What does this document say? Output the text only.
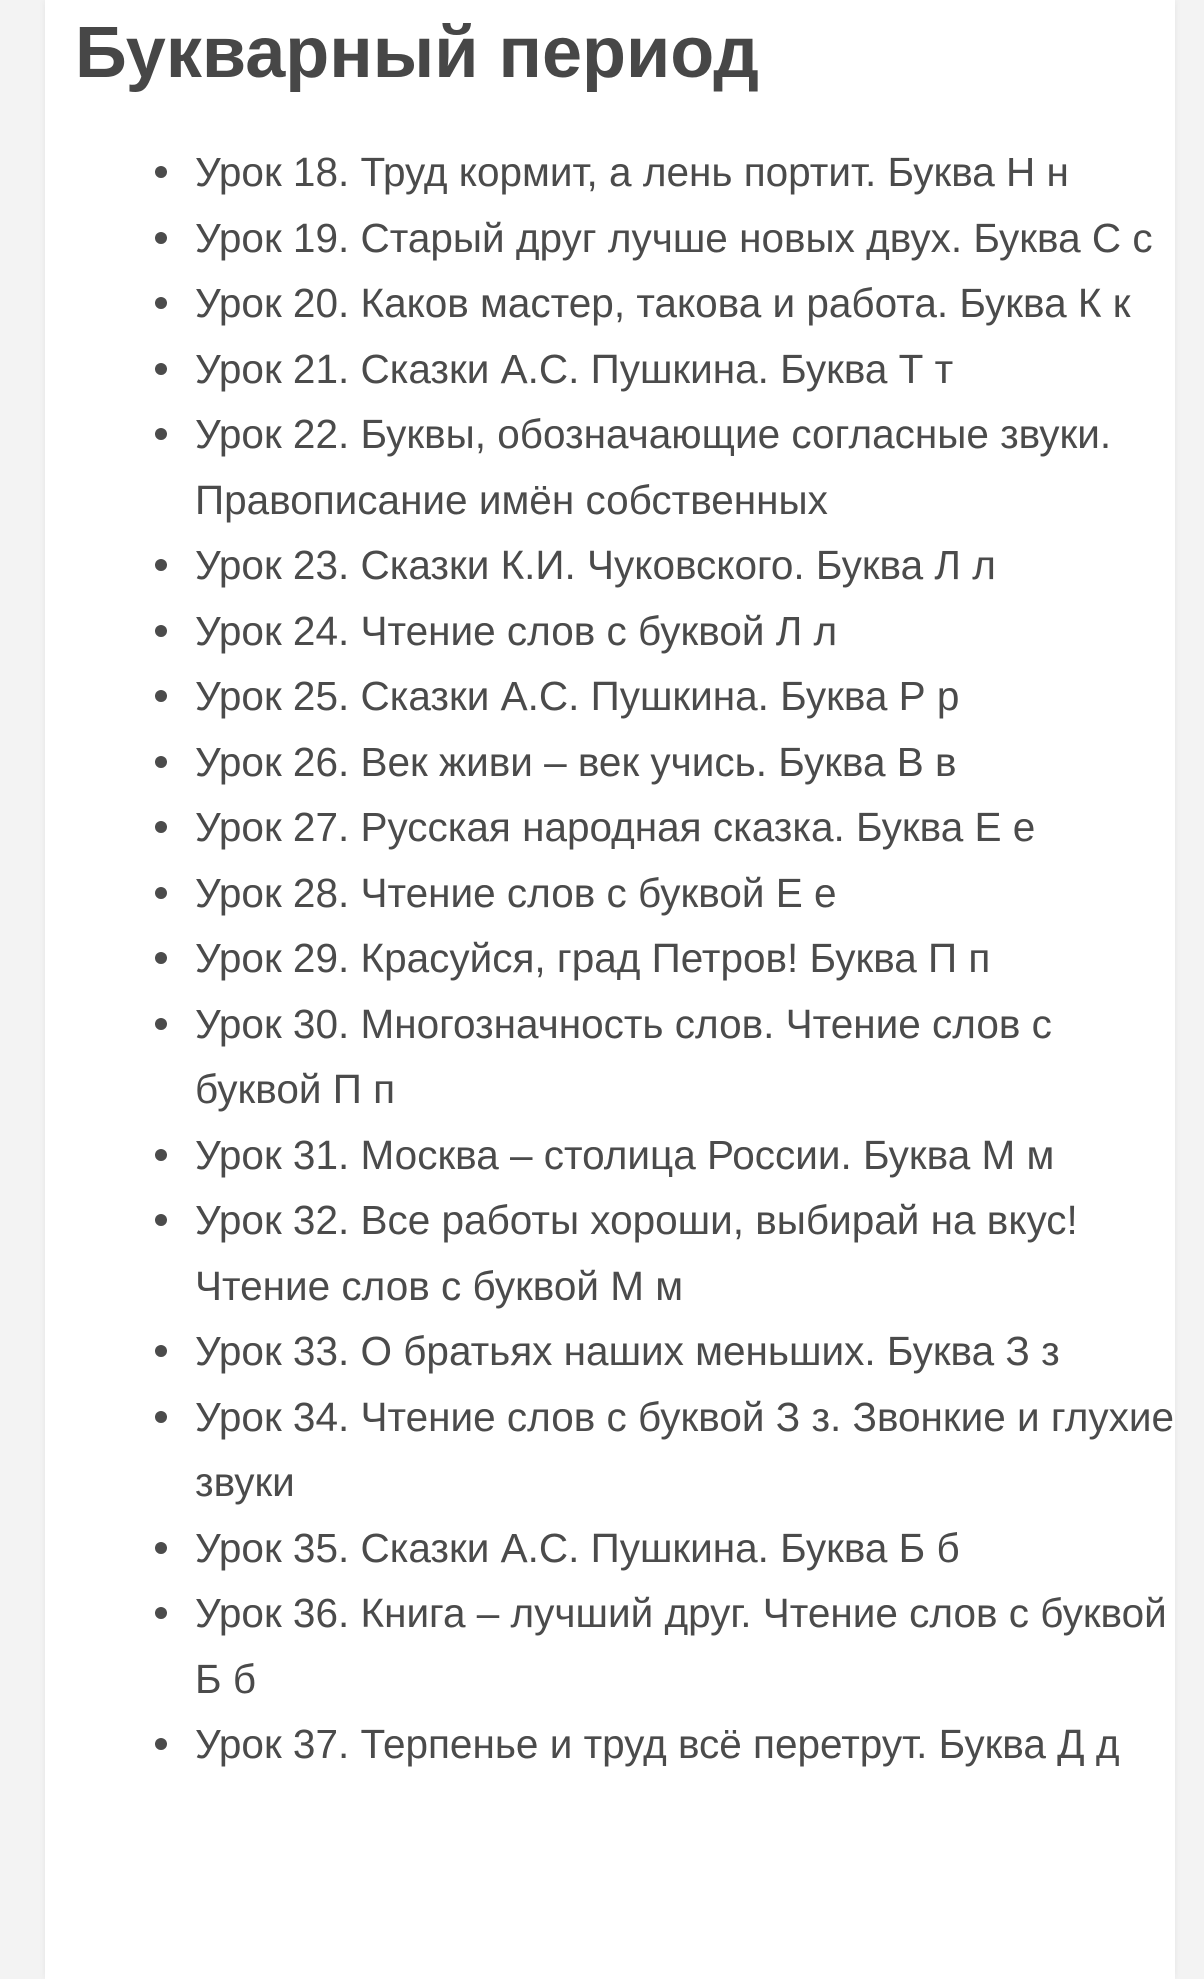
Букварный период
Урок 18. Труд кормит, а лень портит. Буква Н н
Урок 19. Старый друг лучше новых двух. Буква С с
Урок 20. Каков мастер, такова и работа. Буква К к
Урок 21. Сказки А.С. Пушкина. Буква Т т
Урок 22. Буквы, обозначающие согласные звуки. Правописание имён собственных
Урок 23. Сказки К.И. Чуковского. Буква Л л
Урок 24. Чтение слов с буквой Л л
Урок 25. Сказки А.С. Пушкина. Буква Р р
Урок 26. Век живи – век учись. Буква В в
Урок 27. Русская народная сказка. Буква Е е
Урок 28. Чтение слов с буквой Е е
Урок 29. Красуйся, град Петров! Буква П п
Урок 30. Многозначность слов. Чтение слов с буквой П п
Урок 31. Москва – столица России. Буква М м
Урок 32. Все работы хороши, выбирай на вкус! Чтение слов с буквой М м
Урок 33. О братьях наших меньших. Буква З з
Урок 34. Чтение слов с буквой З з. Звонкие и глухие звуки
Урок 35. Сказки А.С. Пушкина. Буква Б б
Урок 36. Книга – лучший друг. Чтение слов с буквой Б б
Урок 37. Терпенье и труд всё перетрут. Буква Д д
